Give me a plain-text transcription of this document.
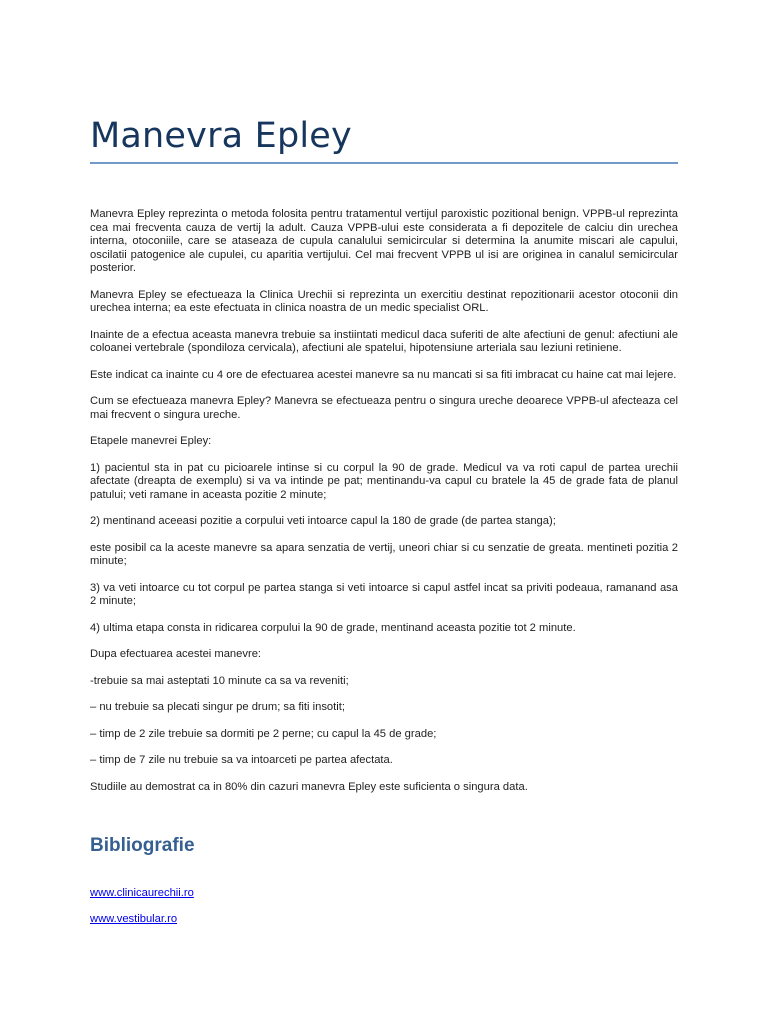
Manevra Epley

Manevra Epley reprezinta o metoda folosita pentru tratamentul vertijul paroxistic pozitional benign. VPPB-ul reprezinta cea mai frecventa cauza de vertij la adult. Cauza VPPB-ului este considerata a fi depozitele de calciu din urechea interna, otoconiile, care se ataseaza de cupula canalului semicircular si determina la anumite miscari ale capului, oscilatii patogenice ale cupulei, cu aparitia vertijului. Cel mai frecvent VPPB ul isi are originea in canalul semicircular posterior.

Manevra Epley se efectueaza la Clinica Urechii si reprezinta un exercitiu destinat repozitionarii acestor otoconii din urechea interna; ea este efectuata in clinica noastra de un medic specialist ORL.

Inainte de a efectua aceasta manevra trebuie sa instiintati medicul daca suferiti de alte afectiuni de genul: afectiuni ale coloanei vertebrale (spondiloza cervicala), afectiuni ale spatelui, hipotensiune arteriala sau leziuni retiniene.

Este indicat ca inainte cu 4 ore de efectuarea acestei manevre sa nu mancati si sa fiti imbracat cu haine cat mai lejere.

Cum se efectueaza manevra Epley? Manevra se efectueaza pentru o singura ureche deoarece VPPB-ul afecteaza cel mai frecvent o singura ureche.

Etapele manevrei Epley:

1) pacientul sta in pat cu picioarele intinse si cu corpul la 90 de grade. Medicul va va roti capul de partea urechii afectate (dreapta de exemplu) si va va intinde pe pat; mentinandu-va capul cu bratele la 45 de grade fata de planul patului; veti ramane in aceasta pozitie 2 minute;

2) mentinand aceeasi pozitie a corpului veti intoarce capul la 180 de grade (de partea stanga);

este posibil ca la aceste manevre sa apara senzatia de vertij, uneori chiar si cu senzatie de greata. mentineti pozitia 2 minute;

3) va veti intoarce cu tot corpul pe partea stanga si veti intoarce si capul astfel incat sa priviti podeaua, ramanand asa 2 minute;

4) ultima etapa consta in ridicarea corpului la 90 de grade, mentinand aceasta pozitie tot 2 minute.

Dupa efectuarea acestei manevre:

-trebuie sa mai asteptati 10 minute ca sa va reveniti;

– nu trebuie sa plecati singur pe drum; sa fiti insotit;

– timp de 2 zile trebuie sa dormiti pe 2 perne; cu capul la 45 de grade;

– timp de 7 zile nu trebuie sa va intoarceti pe partea afectata.

Studiile au demostrat ca in 80% din cazuri manevra Epley este suficienta o singura data.

Bibliografie
www.clinicaurechii.ro
www.vestibular.ro
